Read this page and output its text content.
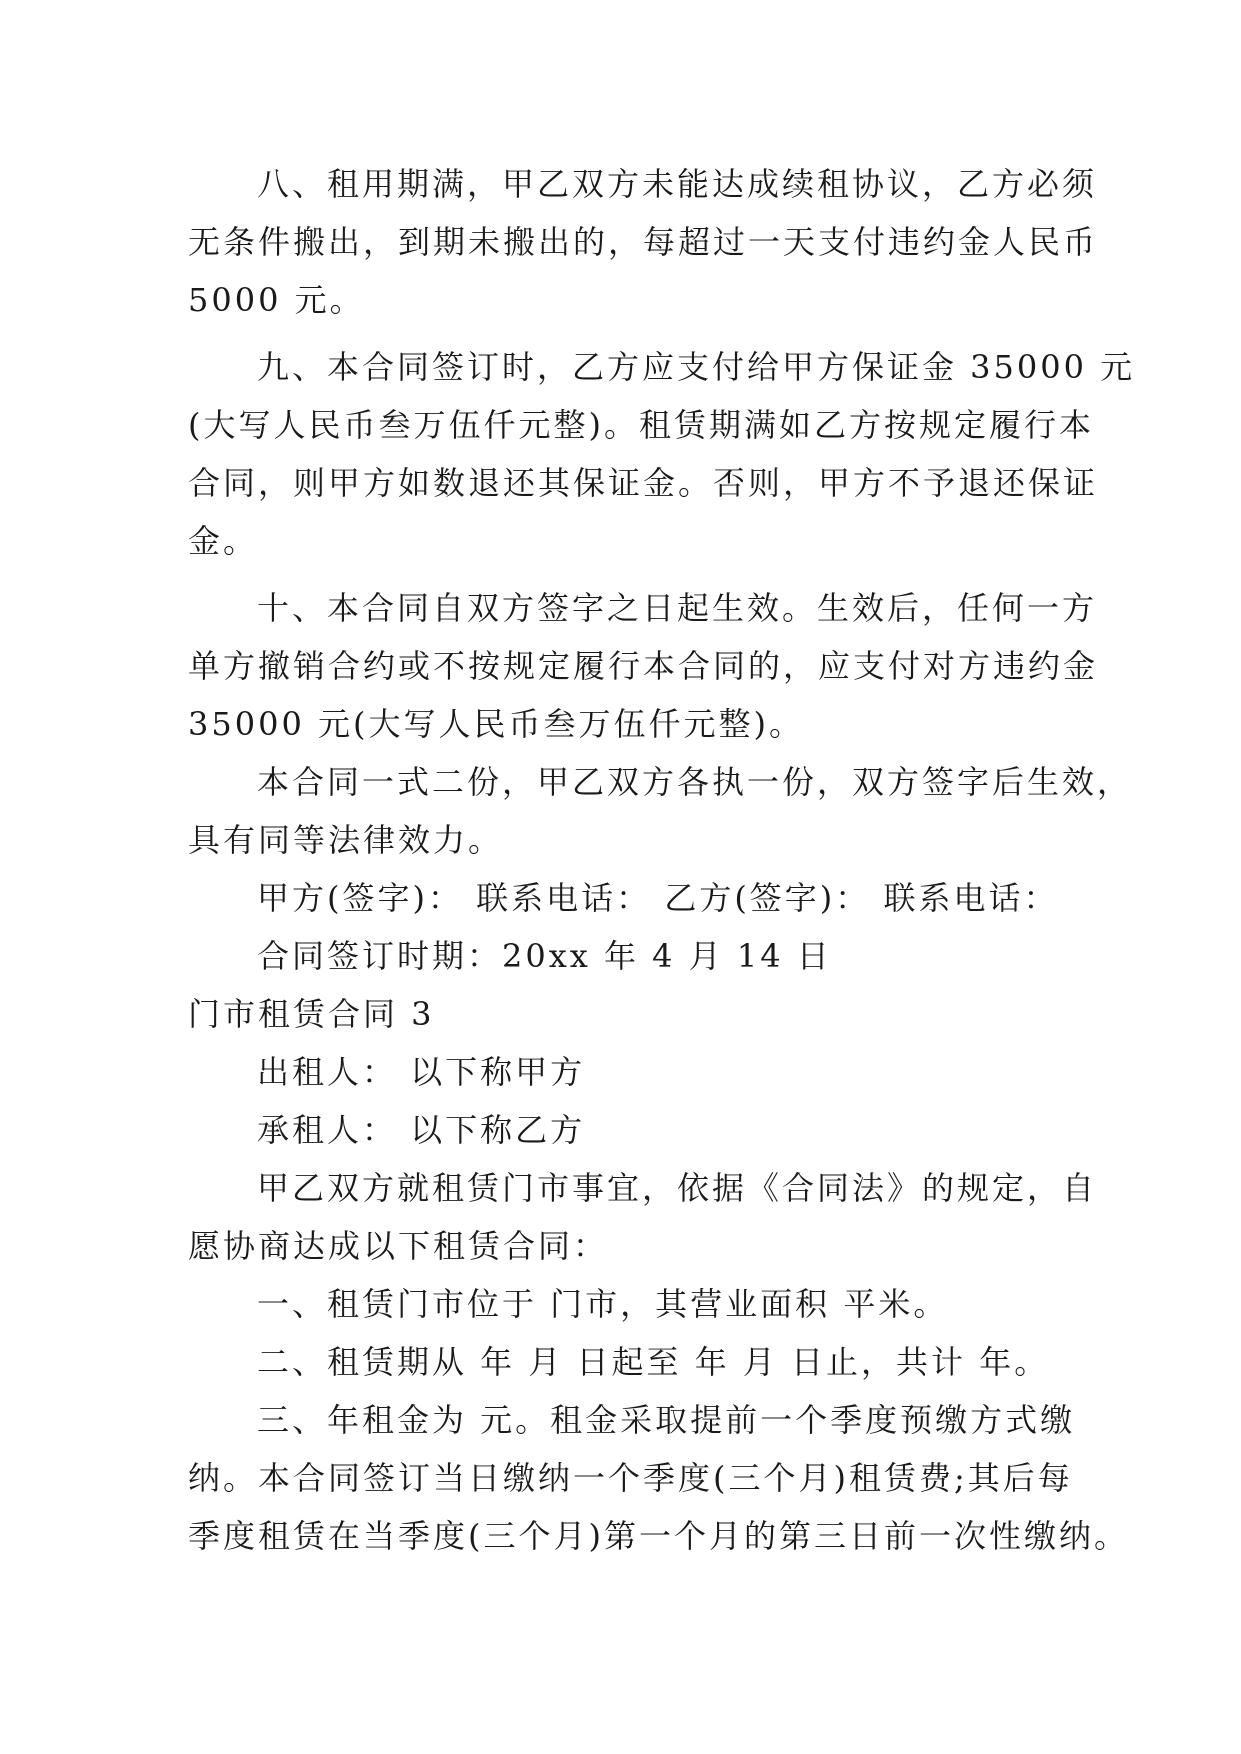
八、租用期满，甲乙双方未能达成续租协议，乙方必须
无条件搬出，到期未搬出的，每超过一天支付违约金人民币
5000 元。
九、本合同签订时，乙方应支付给甲方保证金 35000 元
(大写人民币叁万伍仟元整)。租赁期满如乙方按规定履行本
合同，则甲方如数退还其保证金。否则，甲方不予退还保证
金。
十、本合同自双方签字之日起生效。生效后，任何一方
单方撤销合约或不按规定履行本合同的，应支付对方违约金
35000 元(大写人民币叁万伍仟元整)。
本合同一式二份，甲乙双方各执一份，双方签字后生效，
具有同等法律效力。
甲方(签字)： 联系电话： 乙方(签字)： 联系电话：
合同签订时期：20xx 年 4 月 14 日
门市租赁合同 3
出租人： 以下称甲方
承租人： 以下称乙方
甲乙双方就租赁门市事宜，依据《合同法》的规定，自
愿协商达成以下租赁合同：
一、租赁门市位于 门市，其营业面积 平米。
二、租赁期从 年 月 日起至 年 月 日止，共计 年。
三、年租金为 元。租金采取提前一个季度预缴方式缴
纳。本合同签订当日缴纳一个季度(三个月)租赁费;其后每
季度租赁在当季度(三个月)第一个月的第三日前一次性缴纳。
